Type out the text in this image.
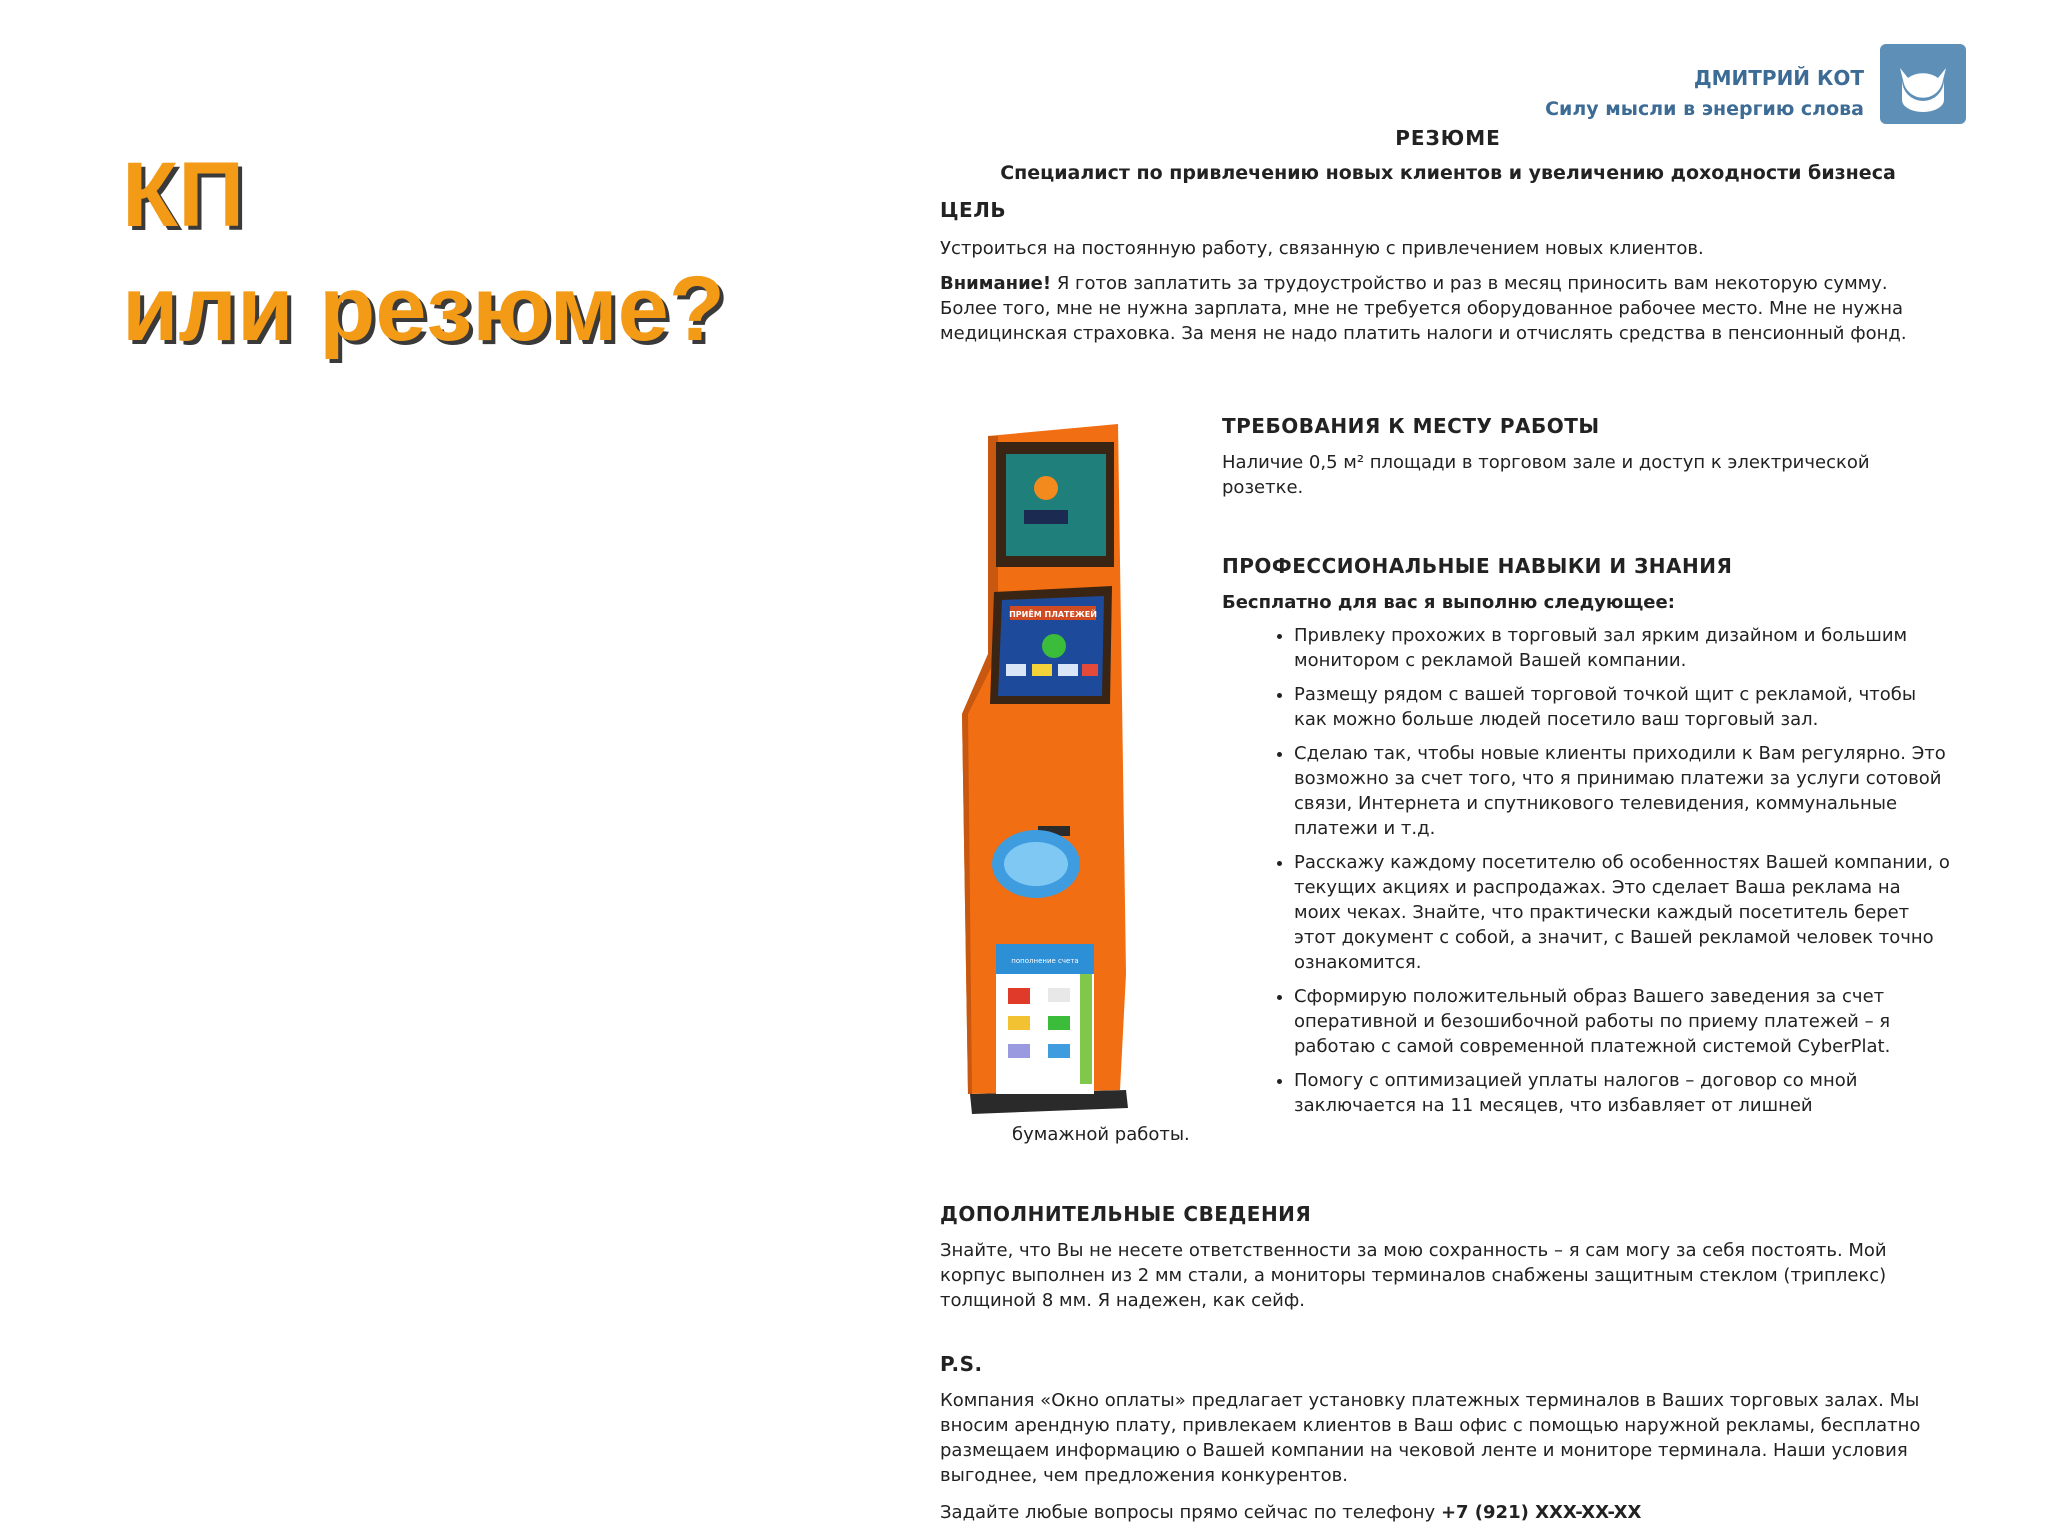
КП
или резюме?
ДМИТРИЙ КОТ
Силу мысли в энергию слова
РЕЗЮМЕ
Специалист по привлечению новых клиентов и увеличению доходности бизнеса
ЦЕЛЬ

Устроиться на постоянную работу, связанную с привлечением новых клиентов.

Внимание! Я готов заплатить за трудоустройство и раз в месяц приносить вам некоторую сумму. Более того, мне не нужна зарплата, мне не требуется оборудованное рабочее место. Мне не нужна медицинская страховка. За меня не надо платить налоги и отчислять средства в пенсионный фонд.

ПРИЁМ ПЛАТЕЖЕЙ
пополнение счета
бумажной работы.
ТРЕБОВАНИЯ К МЕСТУ РАБОТЫ

Наличие 0,5 м² площади в торговом зале и доступ к электрической розетке.

ПРОФЕССИОНАЛЬНЫЕ НАВЫКИ И ЗНАНИЯ

Бесплатно для вас я выполню следующее:

• Привлеку прохожих в торговый зал ярким дизайном и большим монитором с рекламой Вашей компании.
• Размещу рядом с вашей торговой точкой щит с рекламой, чтобы как можно больше людей посетило ваш торговый зал.
• Сделаю так, чтобы новые клиенты приходили к Вам регулярно. Это возможно за счет того, что я принимаю платежи за услуги сотовой связи, Интернета и спутникового телевидения, коммунальные платежи и т.д.
• Расскажу каждому посетителю об особенностях Вашей компании, о текущих акциях и распродажах. Это сделает Ваша реклама на моих чеках. Знайте, что практически каждый посетитель берет этот документ с собой, а значит, с Вашей рекламой человек точно ознакомится.
• Сформирую положительный образ Вашего заведения за счет оперативной и безошибочной работы по приему платежей – я работаю с самой современной платежной системой CyberPlat.
• Помогу с оптимизацией уплаты налогов – договор со мной заключается на 11 месяцев, что избавляет от лишней
ДОПОЛНИТЕЛЬНЫЕ СВЕДЕНИЯ

Знайте, что Вы не несете ответственности за мою сохранность – я сам могу за себя постоять. Мой корпус выполнен из 2 мм стали, а мониторы терминалов снабжены защитным стеклом (триплекс) толщиной 8 мм. Я надежен, как сейф.

P.S.

Компания «Окно оплаты» предлагает установку платежных терминалов в Ваших торговых залах. Мы вносим арендную плату, привлекаем клиентов в Ваш офис с помощью наружной рекламы, бесплатно размещаем информацию о Вашей компании на чековой ленте и мониторе терминала. Наши условия выгоднее, чем предложения конкурентов.

Задайте любые вопросы прямо сейчас по телефону +7 (921) XXX-XX-XX
